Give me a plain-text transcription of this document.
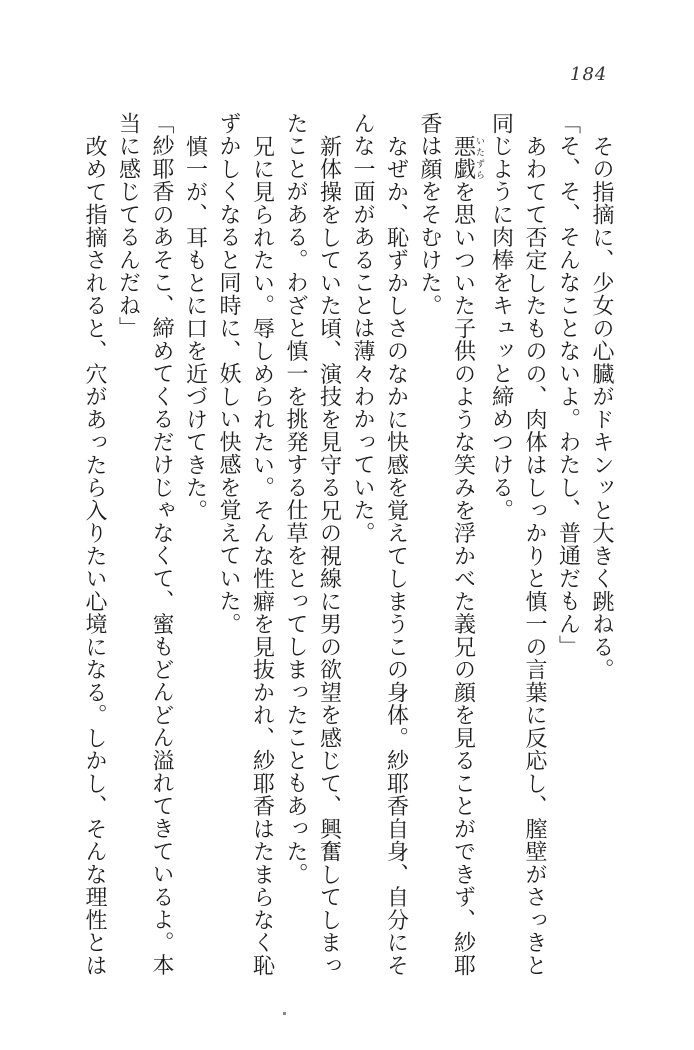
184

その指摘に、少女の心臓がドキンッと大きく跳ねる。

「そ、そ、そんなことないよ。わたし、普通だもん」

あわてて否定したものの、肉体はしっかりと慎一の言葉に反応し、膣壁がさっきと同じように肉棒をキュッと締めつける。

悪戯いたずらを思いついた子供のような笑みを浮かべた義兄の顔を見ることができず、紗耶香は顔をそむけた。

なぜか、恥ずかしさのなかに快感を覚えてしまうこの身体。紗耶香自身、自分にそんな一面があることは薄々わかっていた。

新体操をしていた頃、演技を見守る兄の視線に男の欲望を感じて、興奮してしまったことがある。わざと慎一を挑発する仕草をとってしまったこともあった。

兄に見られたい。辱しめられたい。そんな性癖を見抜かれ、紗耶香はたまらなく恥ずかしくなると同時に、妖しい快感を覚えていた。

慎一が、耳もとに口を近づけてきた。

「紗耶香のあそこ、締めてくるだけじゃなくて、蜜もどんどん溢れてきているよ。本当に感じてるんだね」

改めて指摘されると、穴があったら入りたい心境になる。しかし、そんな理性とは
